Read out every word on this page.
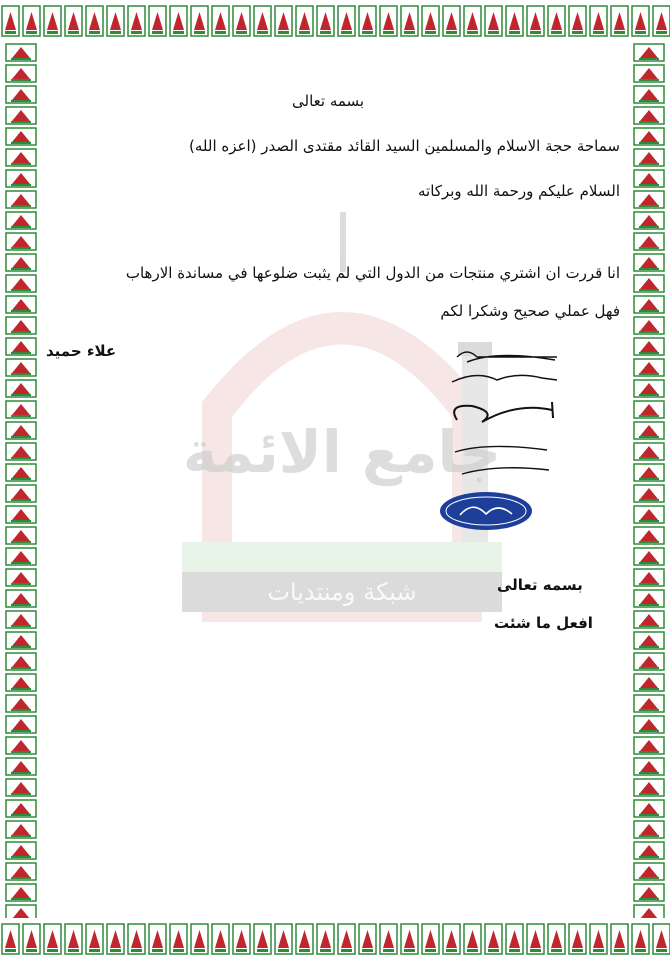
جامع الائمة
شبكة ومنتديات
بسمه تعالى
سماحة حجة الاسلام والمسلمين السيد القائد مقتدى الصدر (اعزه الله)
السلام عليكم ورحمة الله وبركاته
انا قررت ان اشتري منتجات من الدول التي لم يثبت ضلوعها في مساندة الارهاب
فهل عملي صحيح وشكرا لكم
علاء حميد
بسمه تعالى
افعل ما شئت
